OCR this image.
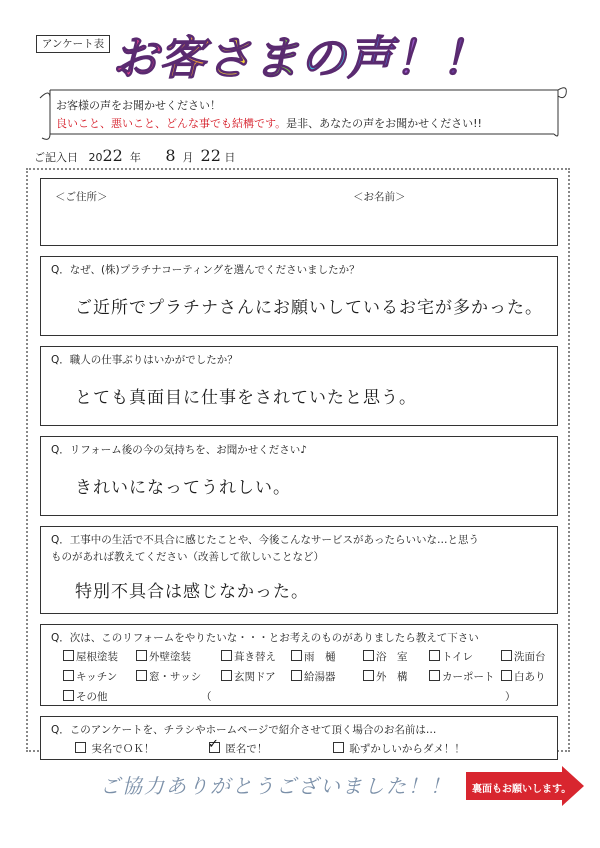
アンケート表 お客さまの声！！
お客様の声をお聞かせください！
良いこと、悪いこと、どんな事でも結構です。是非、あなたの声をお聞かせください!!
ご記入日 2022 年 8 月 22 日
＜ご住所＞	＜お名前＞
Q．なぜ、(株)プラチナコーティングを選んでくださいましたか？
ご近所でプラチナさんにお願いしているお宅が多かった。
Q．職人の仕事ぶりはいかがでしたか？
とても真面目に仕事をされていたと思う。
Q．リフォーム後の今の気持ちを、お聞かせください♪
きれいになってうれしい。
Q．工事中の生活で不具合に感じたことや、今後こんなサービスがあったらいいな…と思う
ものがあれば教えてください（改善して欲しいことなど）
特別不具合は感じなかった。
Q．次は、このリフォームをやりたいな・・・とお考えのものがありましたら教えて下さい
屋根塗装	外壁塗装	葺き替え	雨　樋	浴　室	トイレ	洗面台
キッチン	窓・サッシ	玄関ドア	給湯器	外　構	カーポート	白あり
その他	（	）
Q．このアンケートを、チラシやホームページで紹介させて頂く場合のお名前は…
実名でＯＫ！	✓ 匿名で！	恥ずかしいからダメ！！
ご協力ありがとうございました！！ 裏面もお願いします。
